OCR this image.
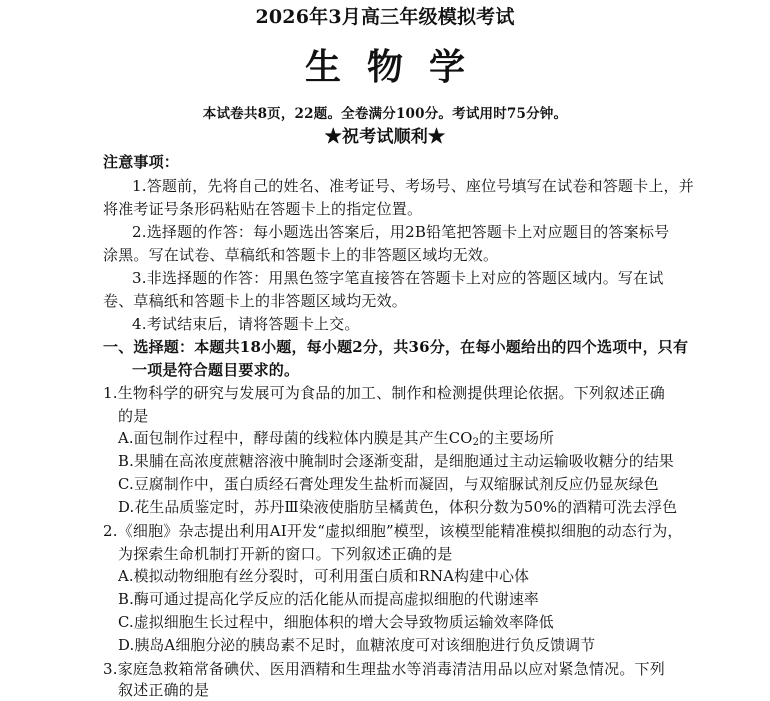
2026年3月高三年级模拟考试
生物学
本试卷共8页，22题。全卷满分100分。考试用时75分钟。
★祝考试顺利★
注意事项：
1.答题前，先将自己的姓名、准考证号、考场号、座位号填写在试卷和答题卡上，并
将准考证号条形码粘贴在答题卡上的指定位置。
2.选择题的作答：每小题选出答案后，用2B铅笔把答题卡上对应题目的答案标号
涂黑。写在试卷、草稿纸和答题卡上的非答题区域均无效。
3.非选择题的作答：用黑色签字笔直接答在答题卡上对应的答题区域内。写在试
卷、草稿纸和答题卡上的非答题区域均无效。
4.考试结束后，请将答题卡上交。
一、选择题：本题共18小题，每小题2分，共36分，在每小题给出的四个选项中，只有
一项是符合题目要求的。
1.生物科学的研究与发展可为食品的加工、制作和检测提供理论依据。下列叙述正确
的是
A.面包制作过程中，酵母菌的线粒体内膜是其产生$CO_2$的主要场所
B.果脯在高浓度蔗糖溶液中腌制时会逐渐变甜，是细胞通过主动运输吸收糖分的结果
C.豆腐制作中，蛋白质经石膏处理发生盐析而凝固，与双缩脲试剂反应仍显灰绿色
D.花生品质鉴定时，苏丹Ⅲ染液使脂肪呈橘黄色，体积分数为50%的酒精可洗去浮色
2.《细胞》杂志提出利用AI开发“虚拟细胞”模型，该模型能精准模拟细胞的动态行为，
为探索生命机制打开新的窗口。下列叙述正确的是
A.模拟动物细胞有丝分裂时，可利用蛋白质和RNA构建中心体
B.酶可通过提高化学反应的活化能从而提高虚拟细胞的代谢速率
C.虚拟细胞生长过程中，细胞体积的增大会导致物质运输效率降低
D.胰岛A细胞分泌的胰岛素不足时，血糖浓度可对该细胞进行负反馈调节
3.家庭急救箱常备碘伏、医用酒精和生理盐水等消毒清洁用品以应对紧急情况。下列
叙述正确的是
